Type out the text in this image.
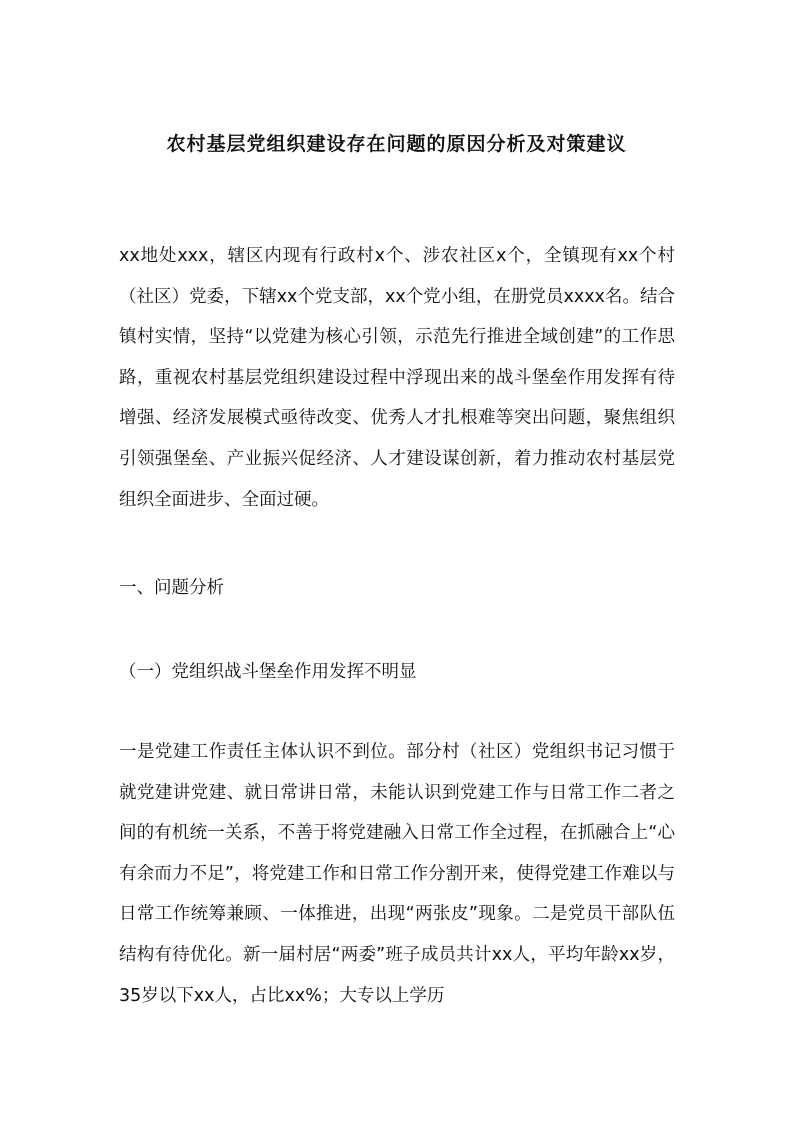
农村基层党组织建设存在问题的原因分析及对策建议

xx地处xxx，辖区内现有行政村x个、涉农社区x个，全镇现有xx个村（社区）党委，下辖xx个党支部，xx个党小组，在册党员xxxx名。结合镇村实情，坚持“以党建为核心引领，示范先行推进全域创建”的工作思路，重视农村基层党组织建设过程中浮现出来的战斗堡垒作用发挥有待增强、经济发展模式亟待改变、优秀人才扎根难等突出问题，聚焦组织引领强堡垒、产业振兴促经济、人才建设谋创新，着力推动农村基层党组织全面进步、全面过硬。

一、问题分析

（一）党组织战斗堡垒作用发挥不明显

一是党建工作责任主体认识不到位。部分村（社区）党组织书记习惯于就党建讲党建、就日常讲日常，未能认识到党建工作与日常工作二者之间的有机统一关系，不善于将党建融入日常工作全过程，在抓融合上“心有余而力不足”，将党建工作和日常工作分割开来，使得党建工作难以与日常工作统筹兼顾、一体推进，出现“两张皮”现象。二是党员干部队伍结构有待优化。新一届村居“两委”班子成员共计xx人，平均年龄xx岁，35岁以下xx人，占比xx%；大专以上学历
